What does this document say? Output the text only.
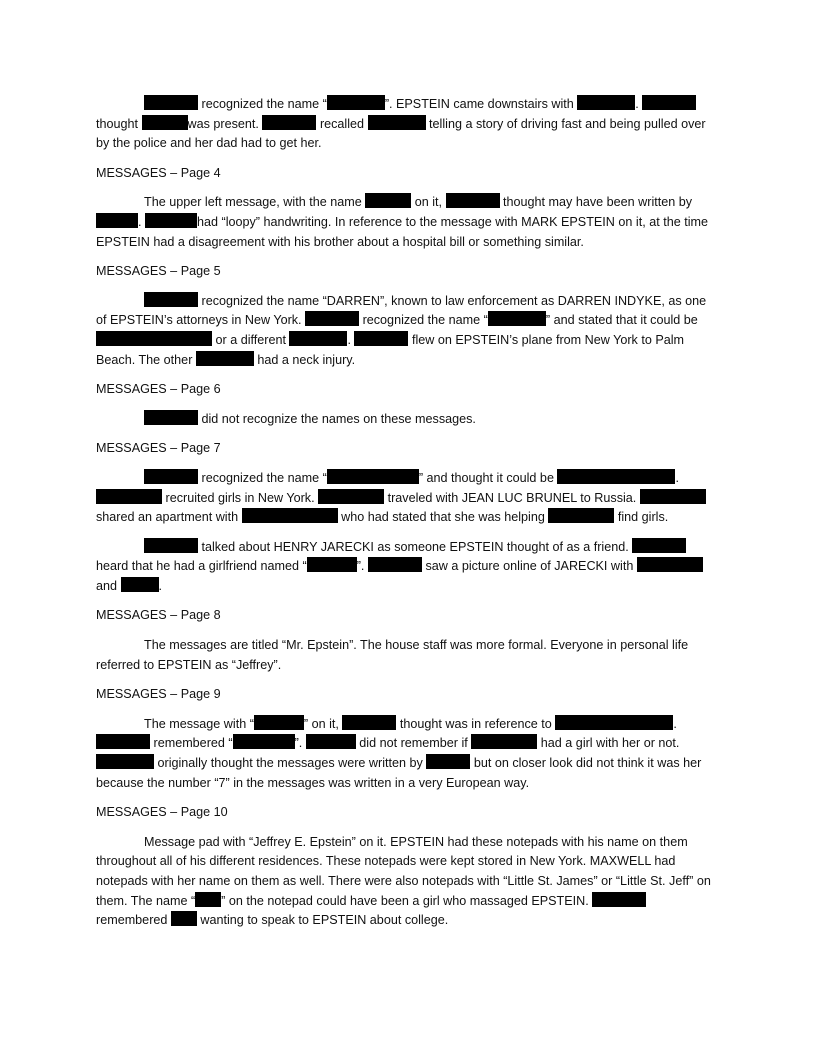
recognized the name “	”. EPSTEIN came downstairs with	.  thought	was present.	recalled	telling a story of driving fast and being pulled over by the police and her dad had to get her.

MESSAGES – Page 4

The upper left message, with the name	on it,	thought may have been written by .	had “loopy” handwriting. In reference to the message with MARK EPSTEIN on it, at the time EPSTEIN had a disagreement with his brother about a hospital bill or something similar.

MESSAGES – Page 5

recognized the name “DARREN”, known to law enforcement as DARREN INDYKE, as one of EPSTEIN’s attorneys in New York.	recognized the name “	” and stated that it could be  or a different	.	flew on EPSTEIN’s plane from New York to Palm Beach. The other	had a neck injury.

MESSAGES – Page 6

did not recognize the names on these messages.

MESSAGES – Page 7

recognized the name “	” and thought it could be	.  recruited girls in New York.	traveled with JEAN LUC BRUNEL to Russia.  shared an apartment with	who had stated that she was helping	find girls.

talked about HENRY JARECKI as someone EPSTEIN thought of as a friend.  heard that he had a girlfriend named “	”.	saw a picture online of JARECKI with  and	.

MESSAGES – Page 8

The messages are titled “Mr. Epstein”. The house staff was more formal. Everyone in personal life referred to EPSTEIN as “Jeffrey”.

MESSAGES – Page 9

The message with “	” on it,	thought was in reference to	.  remembered “	”.	did not remember if	had a girl with her or not.  originally thought the messages were written by	but on closer look did not think it was her because the number “7” in the messages was written in a very European way.

MESSAGES – Page 10

Message pad with “Jeffrey E. Epstein” on it. EPSTEIN had these notepads with his name on them throughout all of his different residences. These notepads were kept stored in New York. MAXWELL had notepads with her name on them as well. There were also notepads with “Little St. James” or “Little St. Jeff” on them. The name “ ” on the notepad could have been a girl who massaged EPSTEIN.  remembered	wanting to speak to EPSTEIN about college.
